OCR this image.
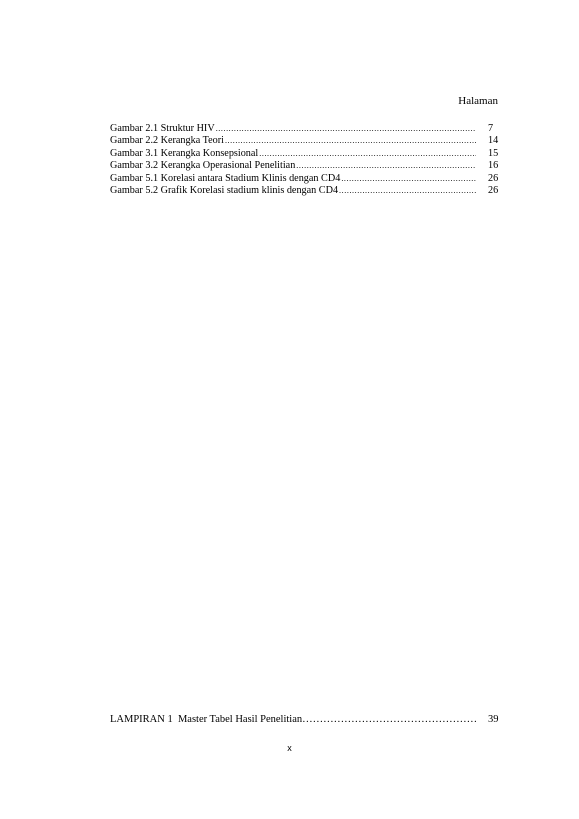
Halaman
Gambar 2.1 Struktur HIV .....	7
Gambar 2.2 Kerangka Teori .....	14
Gambar 3.1 Kerangka Konsepsional .....	15
Gambar 3.2 Kerangka Operasional Penelitian .....	16
Gambar 5.1 Korelasi antara Stadium Klinis dengan CD4 .....	26
Gambar 5.2 Grafik Korelasi stadium klinis dengan CD4 .....	26
LAMPIRAN 1  Master Tabel Hasil Penelitian ……………………………………………………………………………………………………………	39
x
